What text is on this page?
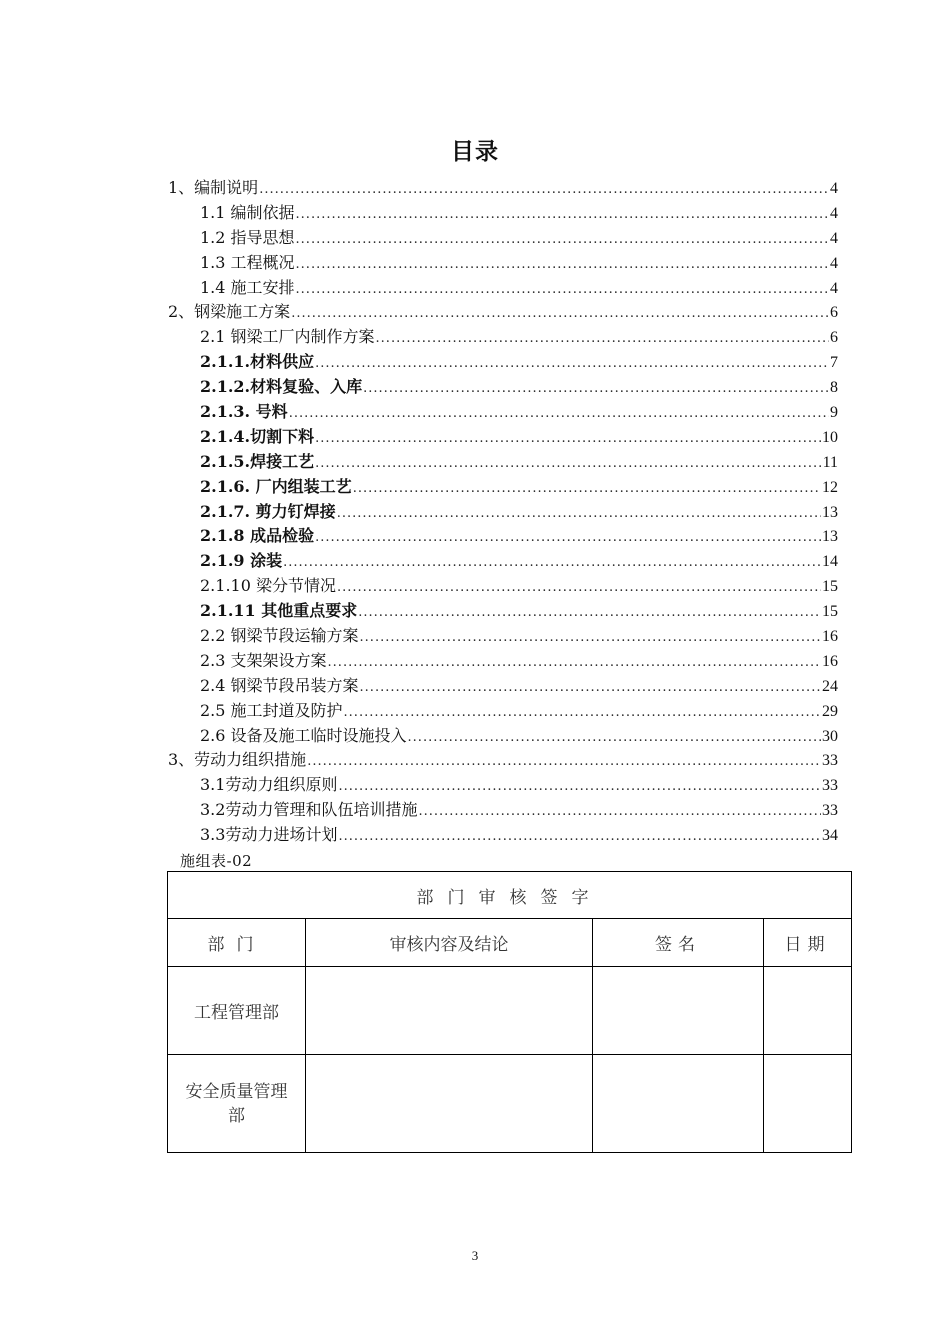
目录
1、编制说明 .....	4
1.1 编制依据 .....	4
1.2 指导思想 .....	4
1.3 工程概况 .....	4
1.4 施工安排 .....	4
2、钢梁施工方案 .....	6
2.1 钢梁工厂内制作方案 .....	6
2.1.1.材料供应 .....	7
2.1.2.材料复验、入库 .....	8
2.1.3. 号料 .....	9
2.1.4.切割下料 .....	10
2.1.5.焊接工艺 .....	11
2.1.6. 厂内组装工艺 .....	12
2.1.7. 剪力钉焊接 .....	13
2.1.8 成品检验 .....	13
2.1.9 涂装 .....	14
2.1.10 梁分节情况 .....	15
2.1.11 其他重点要求 .....	15
2.2 钢梁节段运输方案 .....	16
2.3 支架架设方案 .....	16
2.4 钢梁节段吊装方案 .....	24
2.5 施工封道及防护 .....	29
2.6 设备及施工临时设施投入 .....	30
3、劳动力组织措施 .....	33
3.1劳动力组织原则 .....	33
3.2劳动力管理和队伍培训措施 .....	33
3.3劳动力进场计划 .....	34
施组表-02
部门审核签字			
部门	审核内容及结论	签名	日期
工程管理部			
安全质量管理部			
3
